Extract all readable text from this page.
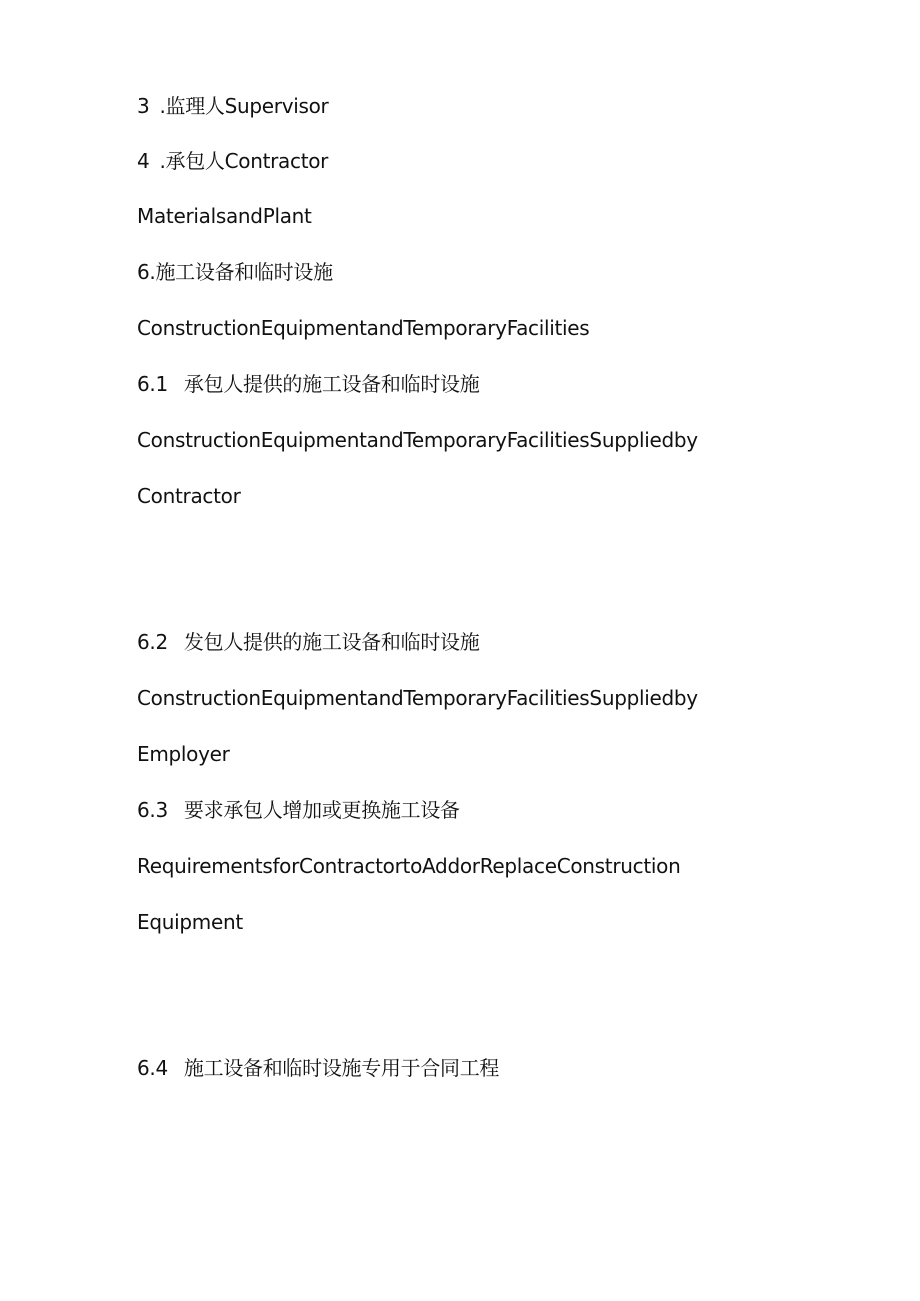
3 .监理人Supervisor
4 .承包人Contractor
MaterialsandPlant
6.施工设备和临时设施
ConstructionEquipmentandTemporaryFacilities
6.1 承包人提供的施工设备和临时设施
ConstructionEquipmentandTemporaryFacilitiesSuppliedby
Contractor
6.2 发包人提供的施工设备和临时设施
ConstructionEquipmentandTemporaryFacilitiesSuppliedby
Employer
6.3 要求承包人增加或更换施工设备
RequirementsforContractortoAddorReplaceConstruction
Equipment
6.4 施工设备和临时设施专用于合同工程
